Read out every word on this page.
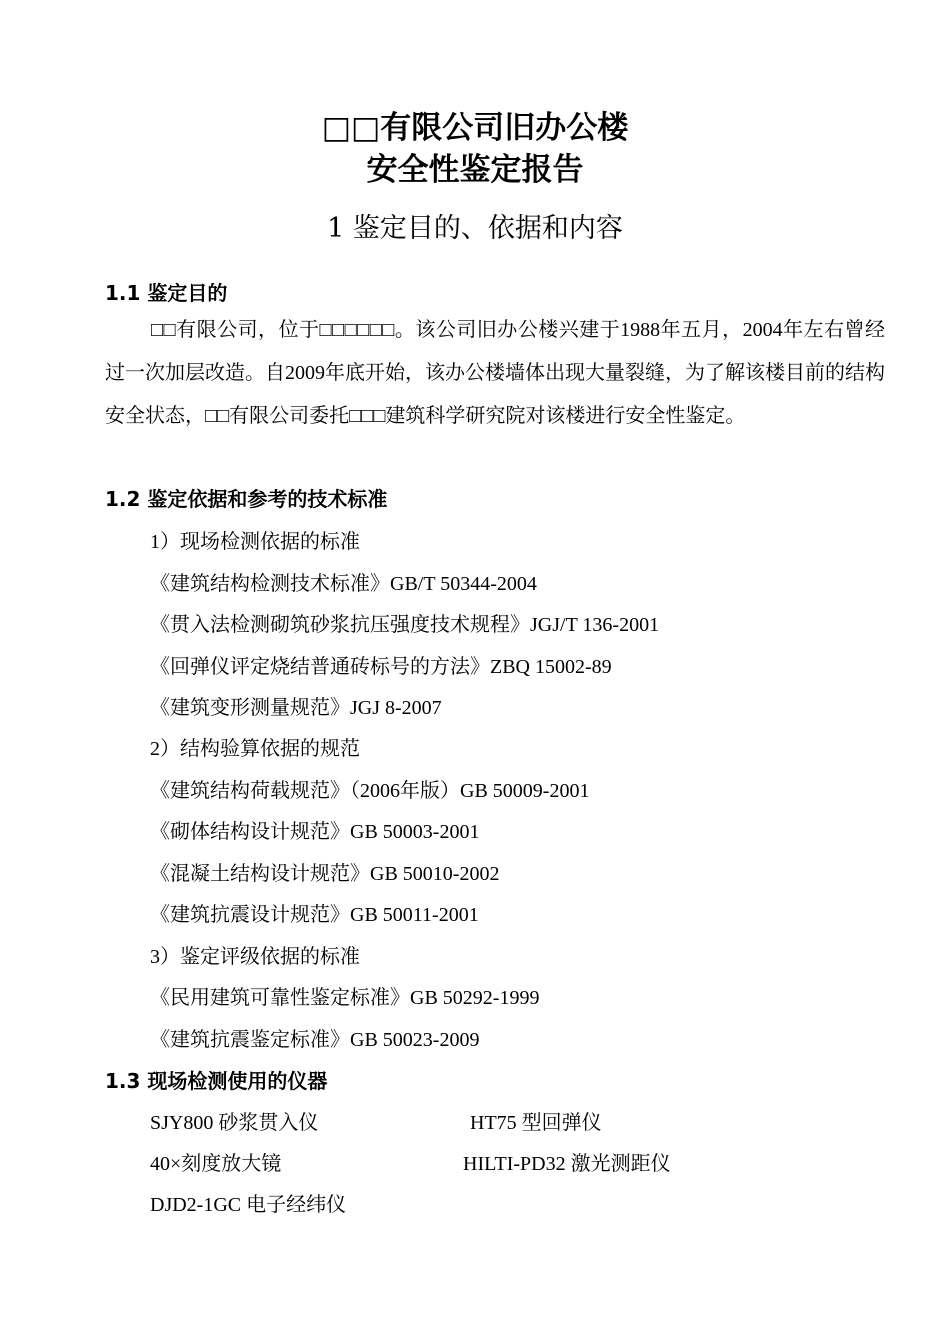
□□有限公司旧办公楼
安全性鉴定报告
1 鉴定目的、依据和内容
1.1 鉴定目的
□□有限公司，位于□□□□□□。该公司旧办公楼兴建于1988年五月，2004年左右曾经过一次加层改造。自2009年底开始，该办公楼墙体出现大量裂缝，为了解该楼目前的结构安全状态，□□有限公司委托□□□建筑科学研究院对该楼进行安全性鉴定。
1.2 鉴定依据和参考的技术标准
1）现场检测依据的标准
《建筑结构检测技术标准》GB/T 50344-2004
《贯入法检测砌筑砂浆抗压强度技术规程》JGJ/T 136-2001
《回弹仪评定烧结普通砖标号的方法》ZBQ 15002-89
《建筑变形测量规范》JGJ 8-2007
2）结构验算依据的规范
《建筑结构荷载规范》（2006年版）GB 50009-2001
《砌体结构设计规范》GB 50003-2001
《混凝土结构设计规范》GB 50010-2002
《建筑抗震设计规范》GB 50011-2001
3）鉴定评级依据的标准
《民用建筑可靠性鉴定标准》GB 50292-1999
《建筑抗震鉴定标准》GB 50023-2009
1.3 现场检测使用的仪器
SJY800 砂浆贯入仪	HT75 型回弹仪
40×刻度放大镜	HILTI-PD32 激光测距仪
DJD2-1GC 电子经纬仪
